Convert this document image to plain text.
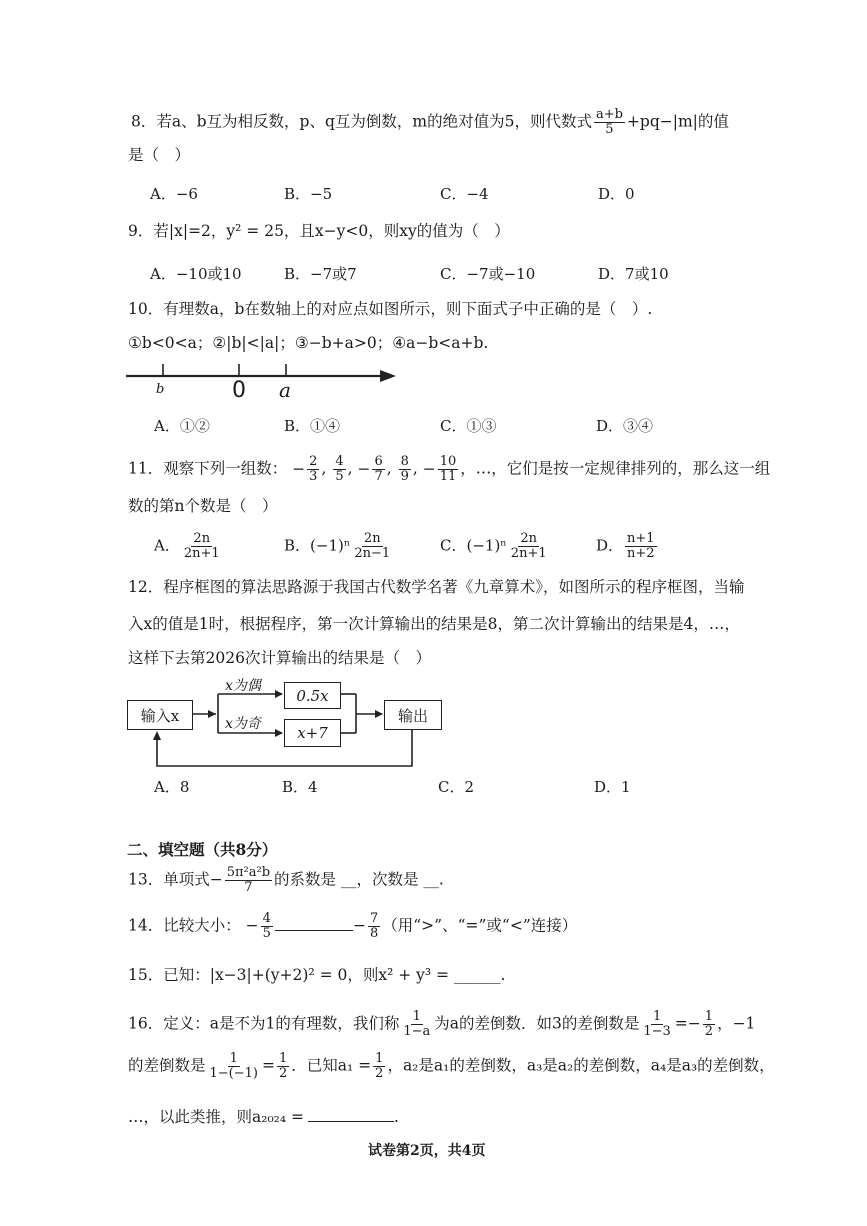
8．若a、b互为相反数，p、q互为倒数，m的绝对值为5，则代数式 $\frac{a+b}{5} +pq-|m|$的值
是（　）
A．−6	B．−5	C．−4	D．0
9．若|x|=2，y² = 25，且x−y<0，则xy的值为（　）
A．−10或10	B．−7或7	C．−7或−10	D．7或10
10．有理数a，b在数轴上的对应点如图所示，则下面式子中正确的是（　）.
①b<0<a；②|b|<|a|；③−b+a>0；④a−b<a+b.
b	0 a
A．①②	B．①④	C．①③	D．③④
11．观察下列一组数： − $\frac{2}{3}$ , $\frac{4}{5}$ , − $\frac{6}{7}$ , $\frac{8}{9}$ , − $\frac{10}{11}$ ，…，它们是按一定规律排列的，那么这一组
数的第n个数是（　）
A． $\frac{2n}{2n+1}$	B．$(-1)^n \frac{2n}{2n-1}$	C．$(-1)^n \frac{2n}{2n+1}$	D． $\frac{n+1}{n+2}$
12．程序框图的算法思路源于我国古代数学名著《九章算术》，如图所示的程序框图，当输
入x的值是1时，根据程序，第一次计算输出的结果是8，第二次计算输出的结果是4，…，
这样下去第2026次计算输出的结果是（　）
输入x
x为偶
x为奇
0.5x
x+7
输出
A．8	B．4	C．2	D．1
二、填空题（共8分）
13．单项式− $\frac{\text{5π²a²b}}{7}$ 的系数是 __，次数是 __.
14．比较大小： − $\frac{4}{5}$	− $\frac{7}{8}$ （用“>”、“=”或“<”连接）
15．已知：|x−3|+(y+2)² = 0，则x² + y³ = ______.
16．定义：a是不为1的有理数，我们称 $\frac{1}{1-a}$ 为a的差倒数．如3的差倒数是 $\frac{1}{1-3} =- \frac{1}{2}$ ，−1
的差倒数是 $\frac{1}{1-(-1)} = \frac{1}{2}$ ．已知$a_1 = \frac{1}{2}$ ，a₂是a₁的差倒数，a₃是a₂的差倒数，a₄是a₃的差倒数，
…，以此类推，则a₂₀₂₄ =	.
试卷第2页，共4页
